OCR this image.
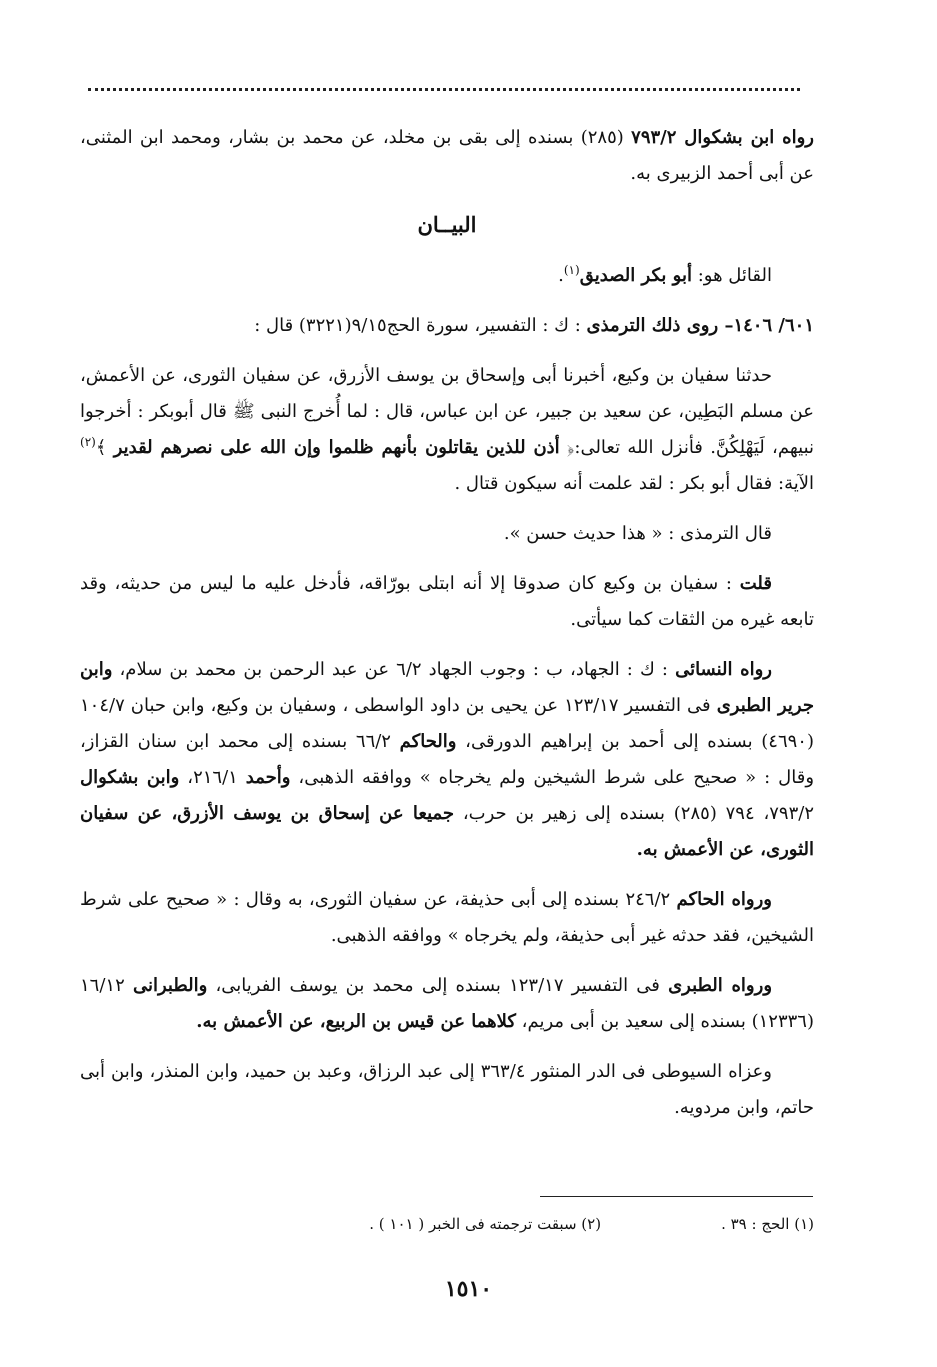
رواه ابن بشكوال ٧٩٣/٢ (٢٨٥) بسنده إلى بقى بن مخلد، عن محمد بن بشار، ومحمد ابن المثنى، عن أبى أحمد الزبيرى به.

البيــان

القائل هو: أبو بكر الصديق$^{(١)}$.

٦٠١/ ١٤٠٦– روى ذلك الترمذى : ك : التفسير، سورة الحج٩/١٥(٣٢٢١) قال :

حدثنا سفيان بن وكيع، أخبرنا أبى وإسحاق بن يوسف الأزرق، عن سفيان الثورى، عن الأعمش، عن مسلم البَطِين، عن سعيد بن جبير، عن ابن عباس، قال : لما أُخرج النبى ﷺ قال أبوبكر : أخرجوا نبيهم، لَيَهْلِكُنَّ. فأنزل الله تعالى:﴿ أذن للذين يقاتلون بأنهم ظلموا وإن الله على نصرهم لقدير ﴾$^{(٢)}$ الآية: فقال أبو بكر : لقد علمت أنه سيكون قتال .

قال الترمذى : « هذا حديث حسن ».

قلت : سفيان بن وكيع كان صدوقا إلا أنه ابتلى بورّاقه، فأدخل عليه ما ليس من حديثه، وقد تابعه غيره من الثقات كما سيأتى.

رواه النسائى : ك : الجهاد، ب : وجوب الجهاد ٦/٢ عن عبد الرحمن بن محمد بن سلام، وابن جرير الطبرى فى التفسير ١٢٣/١٧ عن يحيى بن داود الواسطى ، وسفيان بن وكيع، وابن حبان ١٠٤/٧ (٤٦٩٠) بسنده إلى أحمد بن إبراهيم الدورقى، والحاكم ٦٦/٢ بسنده إلى محمد ابن سنان القزاز، وقال : « صحيح على شرط الشيخين ولم يخرجاه » ووافقه الذهبى، وأحمد ٢١٦/١، وابن بشكوال ٧٩٣/٢، ٧٩٤ (٢٨٥) بسنده إلى زهير بن حرب، جميعا عن إسحاق بن يوسف الأزرق، عن سفيان الثورى، عن الأعمش به.

ورواه الحاكم ٢٤٦/٢ بسنده إلى أبى حذيفة، عن سفيان الثورى، به وقال : « صحيح على شرط الشيخين، فقد حدثه غير أبى حذيفة، ولم يخرجاه » ووافقه الذهبى.

ورواه الطبرى فى التفسير ١٢٣/١٧ بسنده إلى محمد بن يوسف الفريابى، والطبرانى ١٦/١٢ (١٢٣٣٦) بسنده إلى سعيد بن أبى مريم، كلاهما عن قيس بن الربيع، عن الأعمش به.

وعزاه السيوطى فى الدر المنثور ٣٦٣/٤ إلى عبد الرزاق، وعبد بن حميد، وابن المنذر، وابن أبى حاتم، وابن مردويه.

(١) الحج : ٣٩ .
(٢) سبقت ترجمته فى الخبر ( ١٠١ ) .
١٥١٠
